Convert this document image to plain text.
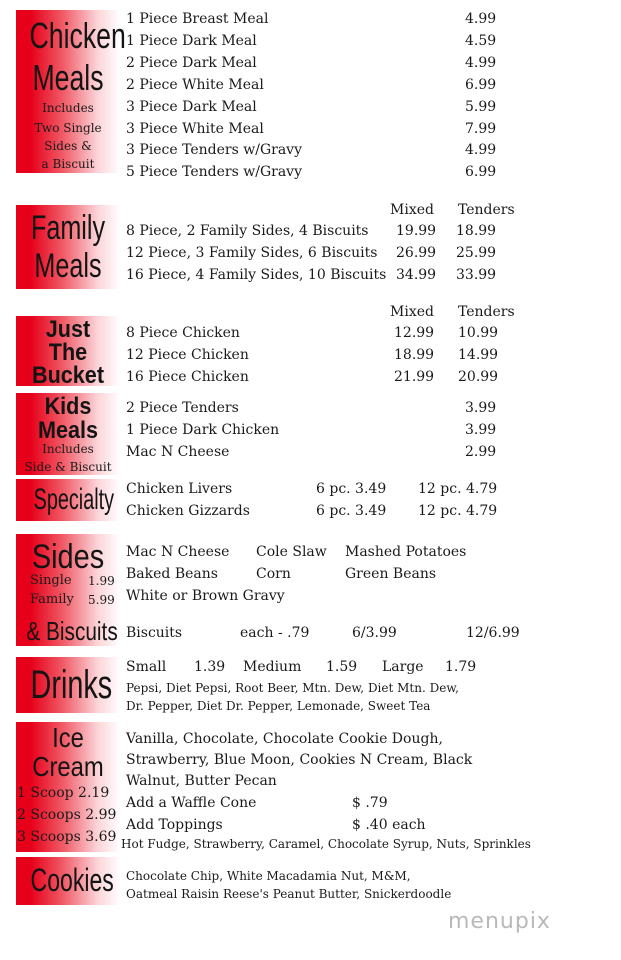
Chicken
Meals
Includes
Two Single
Sides &
a Biscuit
1 Piece Breast Meal	4.99
1 Piece Dark Meal	4.59
2 Piece Dark Meal	4.99
2 Piece White Meal	6.99
3 Piece Dark Meal	5.99
3 Piece White Meal	7.99
3 Piece Tenders w/Gravy	4.99
5 Piece Tenders w/Gravy	6.99
Family
Meals
Mixed Tenders
8 Piece, 2 Family Sides, 4 Biscuits 19.99 18.99
12 Piece, 3 Family Sides, 6 Biscuits 26.99 25.99
16 Piece, 4 Family Sides, 10 Biscuits 34.99 33.99
Just
The
Bucket
Mixed Tenders
8 Piece Chicken	12.99 10.99
12 Piece Chicken	18.99 14.99
16 Piece Chicken	21.99 20.99
Kids
Meals
Includes
Side & Biscuit
2 Piece Tenders	3.99
1 Piece Dark Chicken	3.99
Mac N Cheese	2.99
Specialty Chicken Livers	6 pc. 3.49 12 pc. 4.79
Chicken Gizzards	6 pc. 3.49 12 pc. 4.79
Sides
Single 1.99
Family 5.99
& Biscuits
Mac N Cheese Cole Slaw Mashed Potatoes
Baked Beans	Corn	Green Beans
White or Brown Gravy
Biscuits	each - .79	6/3.99	12/6.99
Drinks Small 1.39 Medium 1.59 Large 1.79
Pepsi, Diet Pepsi, Root Beer, Mtn. Dew, Diet Mtn. Dew,
Dr. Pepper, Diet Dr. Pepper, Lemonade, Sweet Tea
Ice
Cream
1 Scoop 2.19
2 Scoops 2.99
3 Scoops 3.69
Vanilla, Chocolate, Chocolate Cookie Dough,
Strawberry, Blue Moon, Cookies N Cream, Black
Walnut, Butter Pecan
Add a Waffle Cone	$ .79
Add Toppings	$ .40 each
Hot Fudge, Strawberry, Caramel, Chocolate Syrup, Nuts, Sprinkles
Cookies Chocolate Chip, White Macadamia Nut, M&M,
Oatmeal Raisin Reese's Peanut Butter, Snickerdoodle
menupix
